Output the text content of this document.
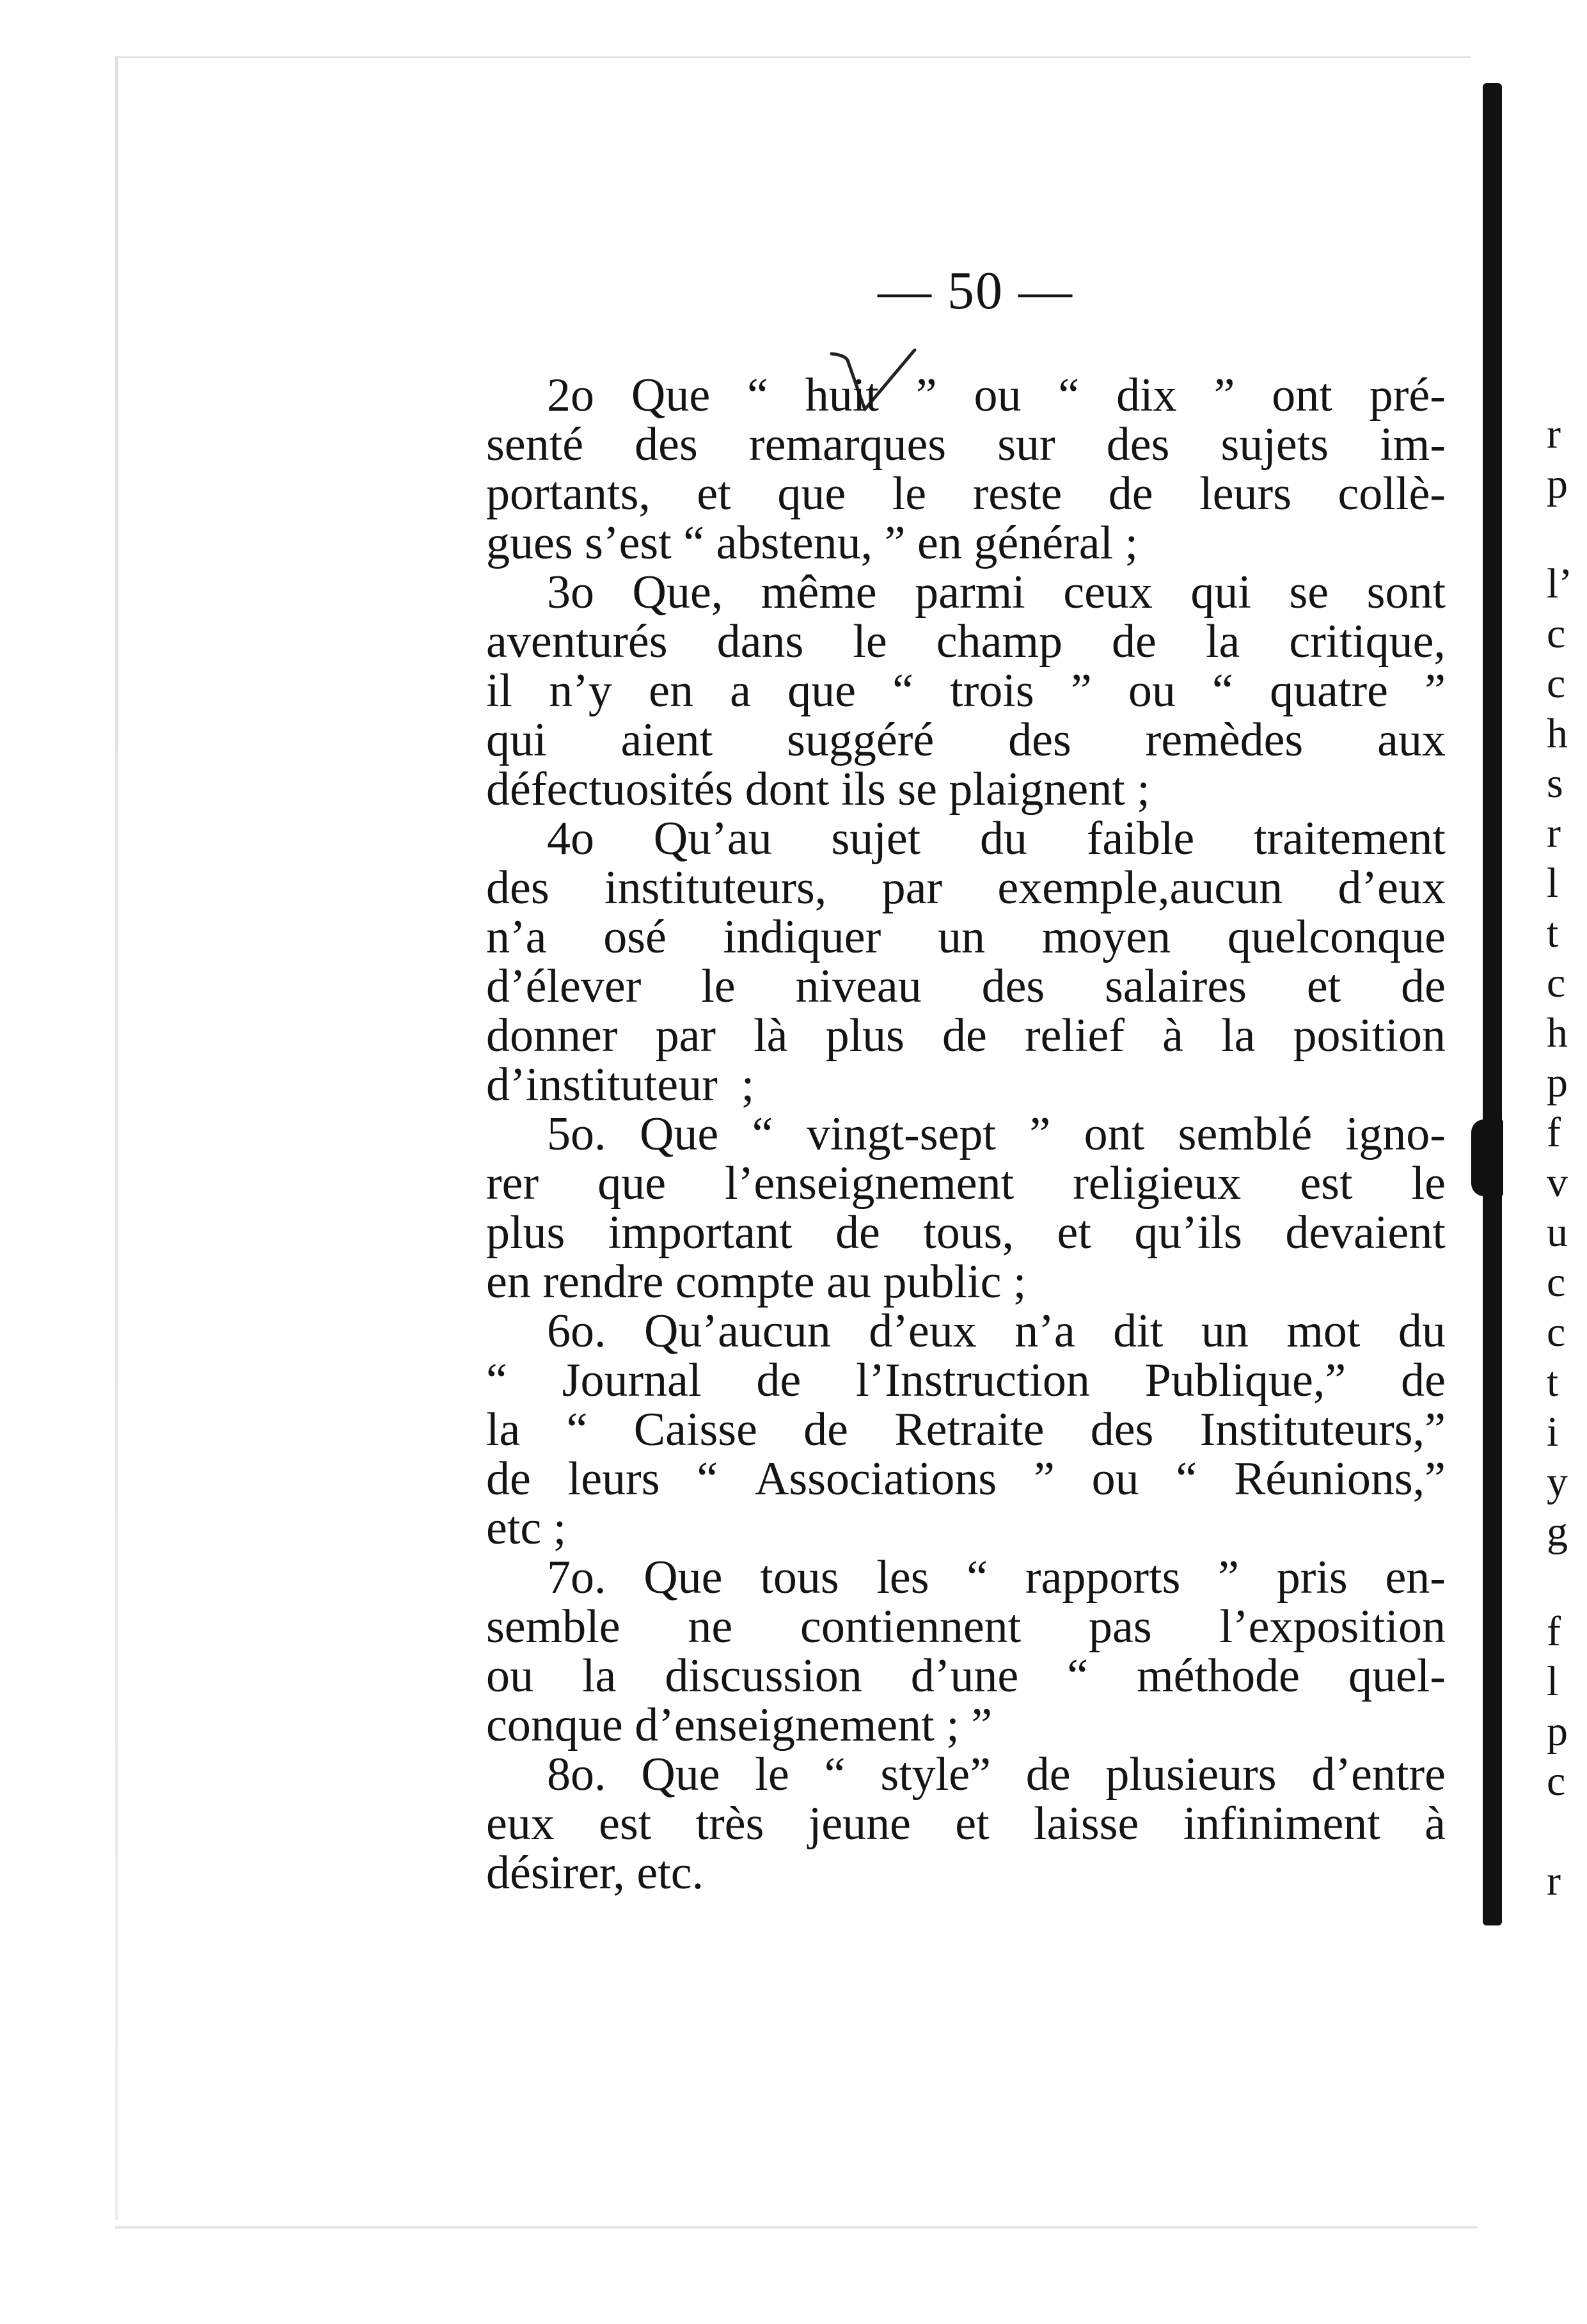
— 50 —
2o Que “ huit ” ou “ dix ” ont pré-
senté des remarques sur des sujets im-
portants, et que le reste de leurs collè-
gues s’est “ abstenu, ” en général ;
3o Que, même parmi ceux qui se sont
aventurés dans le champ de la critique,
il n’y en a que “ trois ” ou “ quatre ”
qui aient suggéré des remèdes aux
défectuosités dont ils se plaignent ;
4o Qu’au sujet du faible traitement
des instituteurs, par exemple,aucun d’eux
n’a osé indiquer un moyen quelconque
d’élever le niveau des salaires et de
donner par là plus de relief à la position
d’instituteur  ;
5o. Que “ vingt-sept ” ont semblé igno-
rer que l’enseignement religieux est le
plus important de tous, et qu’ils devaient
en rendre compte au public ;
6o. Qu’aucun d’eux n’a dit un mot du
“ Journal de l’Instruction Publique,” de
la “ Caisse de Retraite des Instituteurs,”
de leurs “ Associations ” ou “ Réunions,”
etc ;
7o. Que tous les “ rapports ” pris en-
semble ne contiennent pas l’exposition
ou la discussion d’une “ méthode quel-
conque d’enseignement ; ”
8o. Que le “ style” de plusieurs d’entre
eux est très jeune et laisse infiniment à
désirer, etc.
r
p
l’
c
c
h
s
r
l
t
c
h
p
f
v
u
c
c
t
i
y
g
f
l
p
c
r
